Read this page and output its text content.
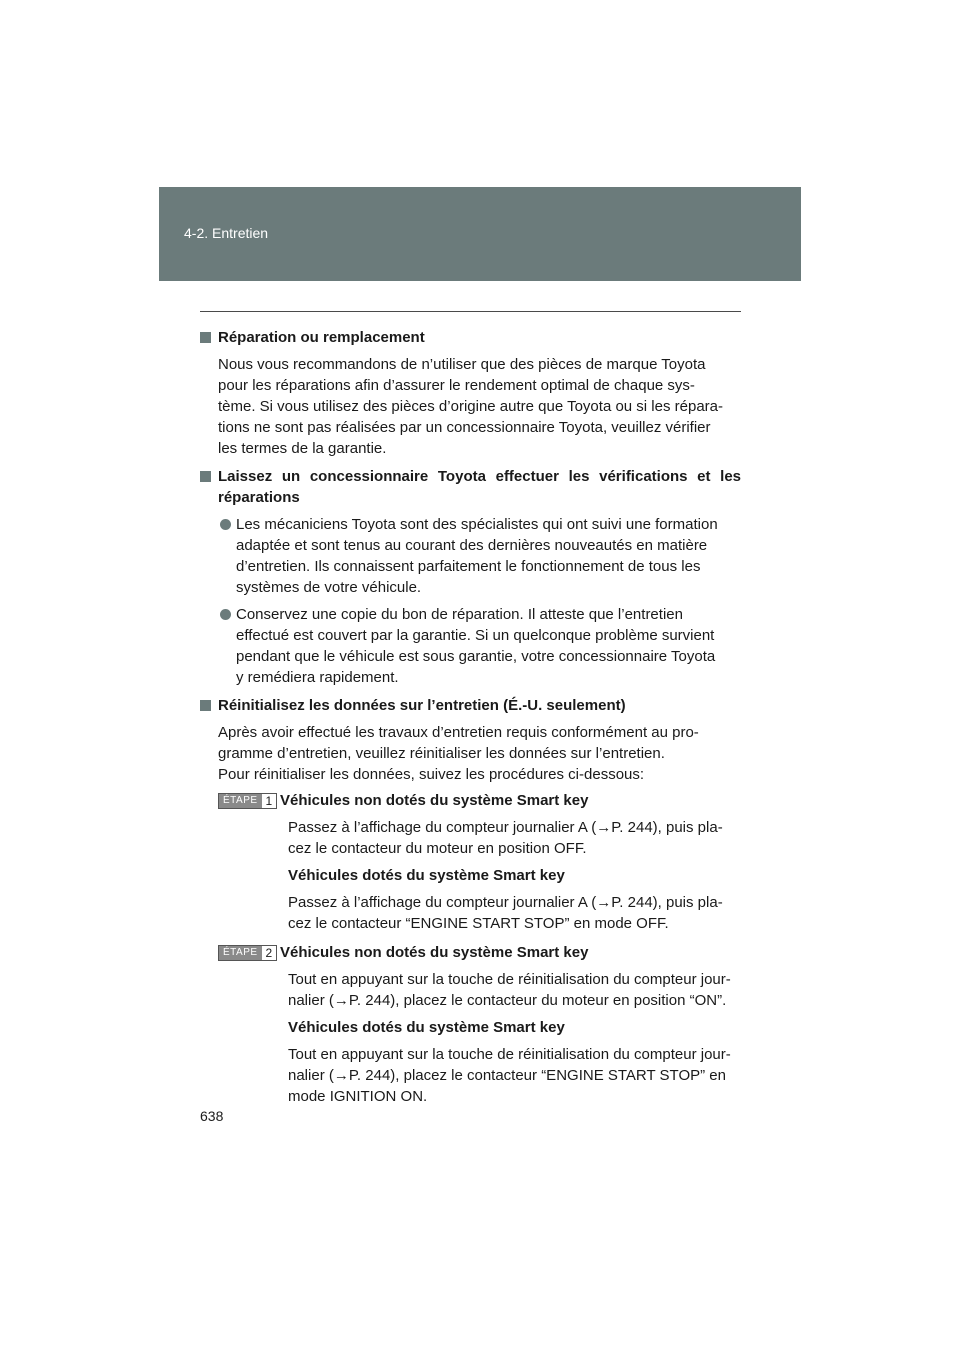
4-2. Entretien
Réparation ou remplacement
Nous vous recommandons de n’utiliser que des pièces de marque Toyota
pour les réparations afin d’assurer le rendement optimal de chaque sys-
tème. Si vous utilisez des pièces d’origine autre que Toyota ou si les répara-
tions ne sont pas réalisées par un concessionnaire Toyota, veuillez vérifier
les termes de la garantie.
Laissez un concessionnaire Toyota effectuer les vérifications et les
réparations
Les mécaniciens Toyota sont des spécialistes qui ont suivi une formation
adaptée et sont tenus au courant des dernières nouveautés en matière
d’entretien. Ils connaissent parfaitement le fonctionnement de tous les
systèmes de votre véhicule.
Conservez une copie du bon de réparation. Il atteste que l’entretien
effectué est couvert par la garantie. Si un quelconque problème survient
pendant que le véhicule est sous garantie, votre concessionnaire Toyota
y remédiera rapidement.
Réinitialisez les données sur l’entretien (É.-U. seulement)
Après avoir effectué les travaux d’entretien requis conformément au pro-
gramme d’entretien, veuillez réinitialiser les données sur l’entretien.
Pour réinitialiser les données, suivez les procédures ci-dessous:
ÉTAPE 1 Véhicules non dotés du système Smart key
Passez à l’affichage du compteur journalier A (→P. 244), puis pla-
cez le contacteur du moteur en position OFF.
Véhicules dotés du système Smart key
Passez à l’affichage du compteur journalier A (→P. 244), puis pla-
cez le contacteur “ENGINE START STOP” en mode OFF.
ÉTAPE 2 Véhicules non dotés du système Smart key
Tout en appuyant sur la touche de réinitialisation du compteur jour-
nalier (→P. 244), placez le contacteur du moteur en position “ON”.
Véhicules dotés du système Smart key
Tout en appuyant sur la touche de réinitialisation du compteur jour-
nalier (→P. 244), placez le contacteur “ENGINE START STOP” en
mode IGNITION ON.
638
